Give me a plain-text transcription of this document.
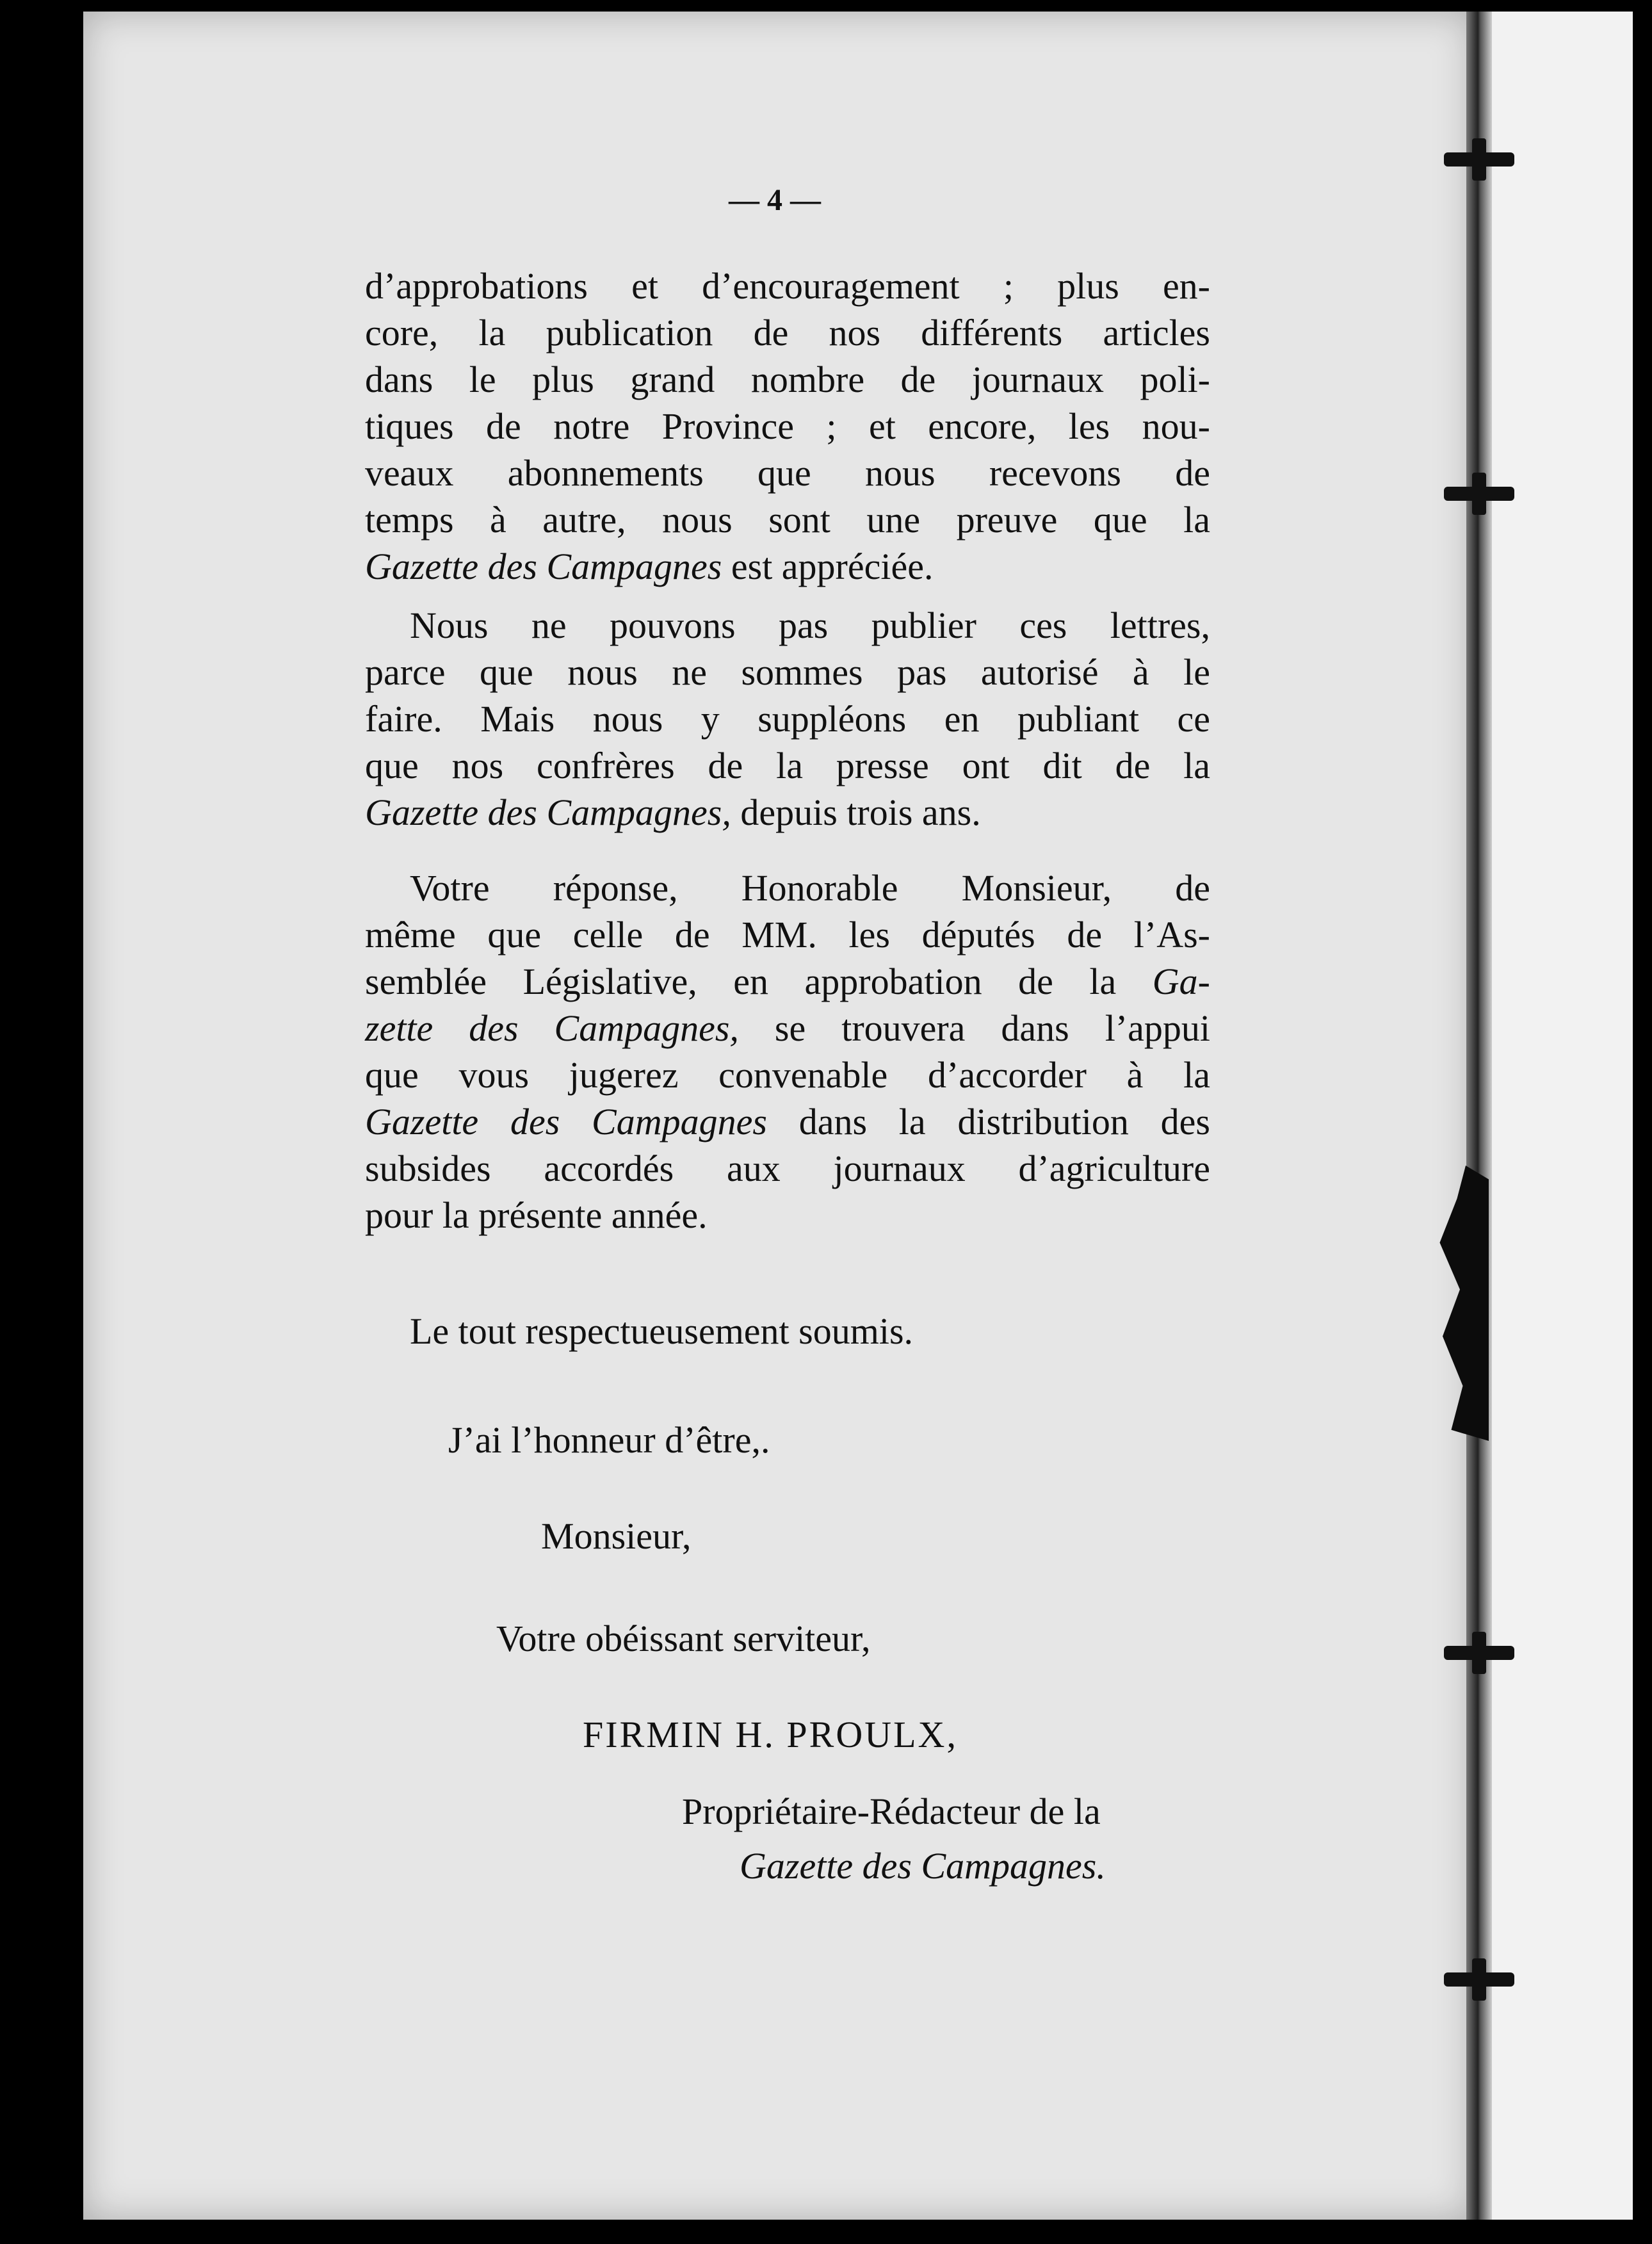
— 4 —
d’approbations et d’encouragement ; plus en-
core, la publication de nos différents articles
dans le plus grand nombre de journaux poli-
tiques de notre Province ; et encore, les nou-
veaux abonnements que nous recevons de
temps à autre, nous sont une preuve que la
Gazette des Campagnes est appréciée.
Nous ne pouvons pas publier ces lettres,
parce que nous ne sommes pas autorisé à le
faire. Mais nous y suppléons en publiant ce
que nos confrères de la presse ont dit de la
Gazette des Campagnes, depuis trois ans.
Votre réponse, Honorable Monsieur, de
même que celle de MM. les députés de l’As-
semblée Législative, en approbation de la Ga-
zette des Campagnes, se trouvera dans l’appui
que vous jugerez convenable d’accorder à la
Gazette des Campagnes dans la distribution des
subsides accordés aux journaux d’agriculture
pour la présente année.
Le tout respectueusement soumis.
J’ai l’honneur d’être,.
Monsieur,
Votre obéissant serviteur,
FIRMIN H. PROULX,
Propriétaire-Rédacteur de la
Gazette des Campagnes.
